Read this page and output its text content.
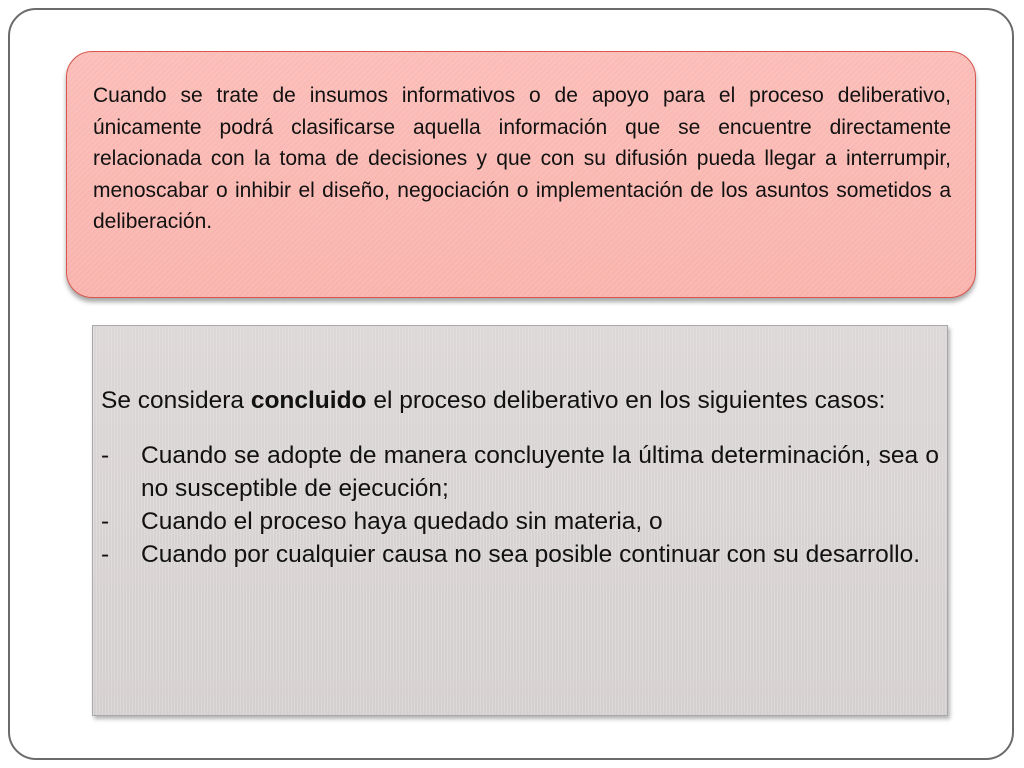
Cuando se trate de insumos informativos o de apoyo para el proceso deliberativo, únicamente podrá clasificarse aquella información que se encuentre directamente relacionada con la toma de decisiones y que con su difusión pueda llegar a interrumpir, menoscabar o inhibir el diseño, negociación o implementación de los asuntos sometidos a deliberación.

Se considera concluido el proceso deliberativo en los siguientes casos:

-	Cuando se adopte de manera concluyente la última determinación, sea o no susceptible de ejecución;
-	Cuando el proceso haya quedado sin materia, o
-	Cuando por cualquier causa no sea posible continuar con su desarrollo.
